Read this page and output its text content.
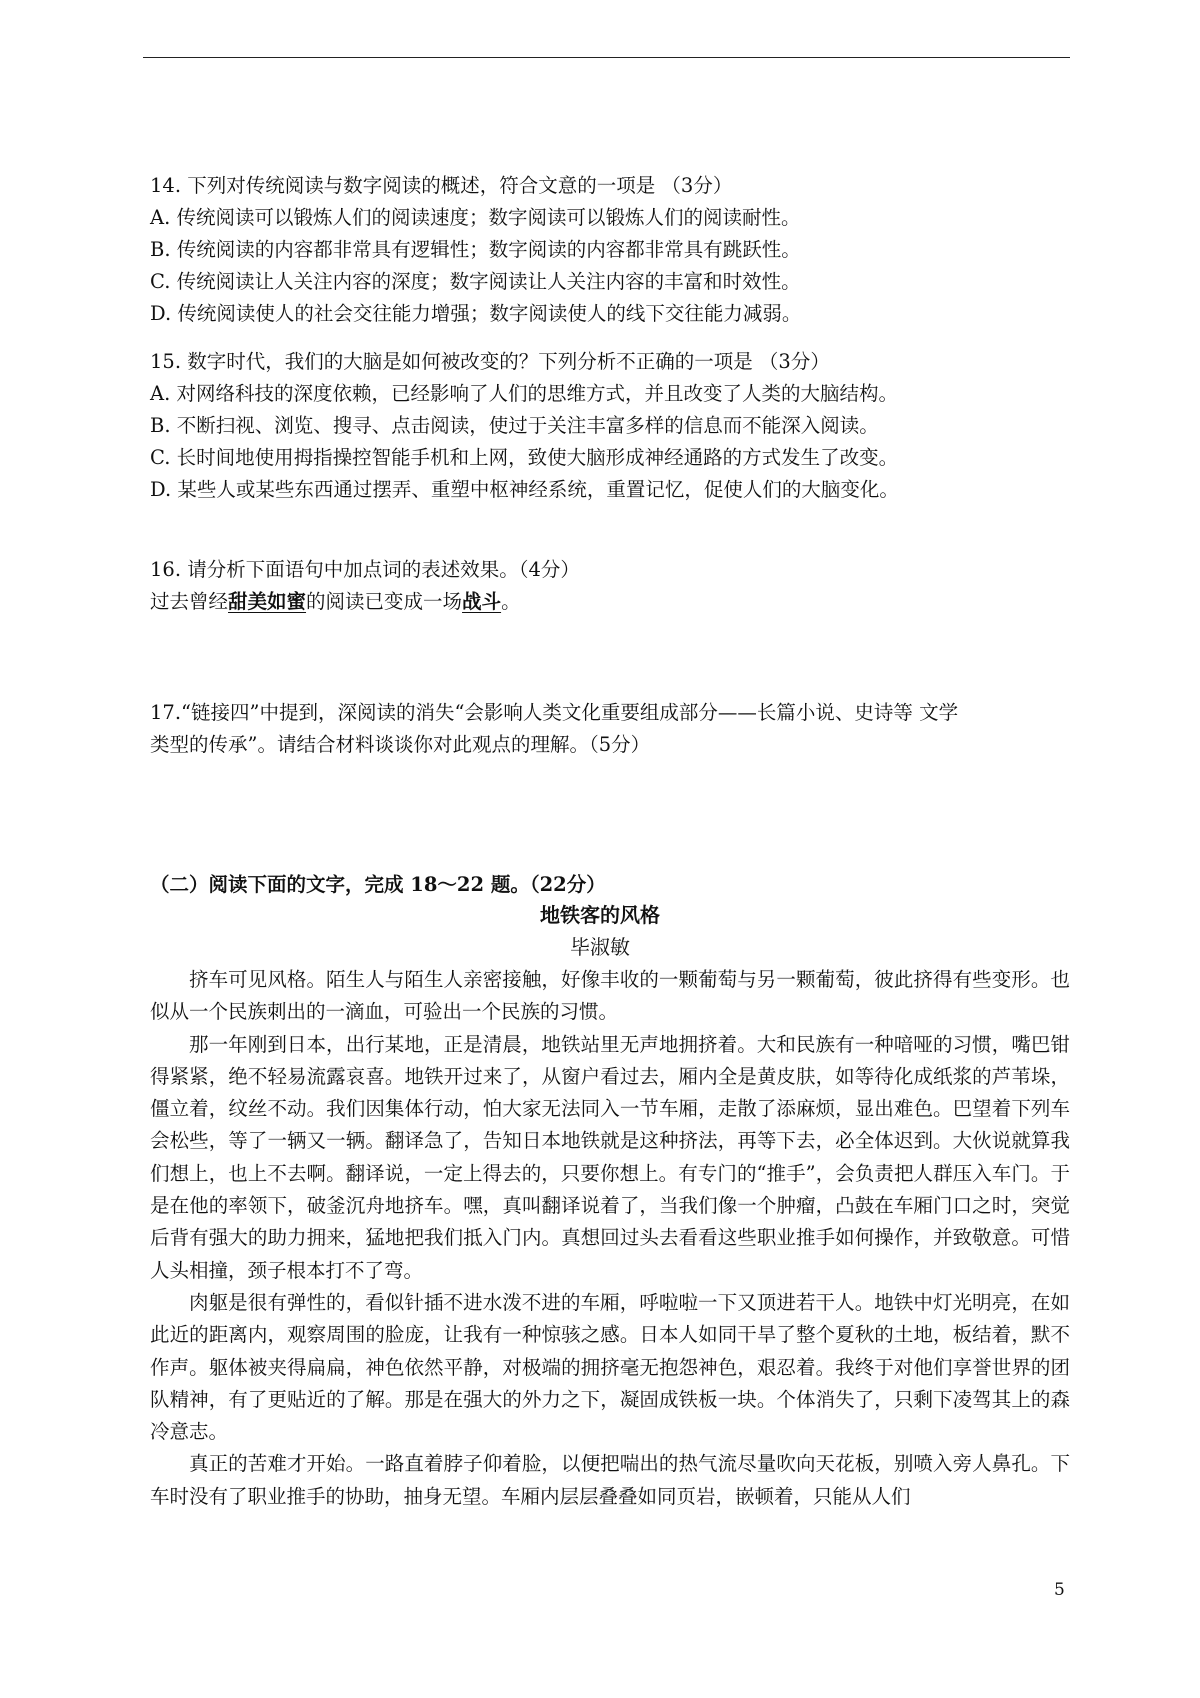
14. 下列对传统阅读与数字阅读的概述，符合文意的一项是 （3分）
A. 传统阅读可以锻炼人们的阅读速度；数字阅读可以锻炼人们的阅读耐性。
B. 传统阅读的内容都非常具有逻辑性；数字阅读的内容都非常具有跳跃性。
C. 传统阅读让人关注内容的深度；数字阅读让人关注内容的丰富和时效性。
D. 传统阅读使人的社会交往能力增强；数字阅读使人的线下交往能力减弱。
15. 数字时代，我们的大脑是如何被改变的？下列分析不正确的一项是 （3分）
A. 对网络科技的深度依赖，已经影响了人们的思维方式，并且改变了人类的大脑结构。
B. 不断扫视、浏览、搜寻、点击阅读，使过于关注丰富多样的信息而不能深入阅读。
C. 长时间地使用拇指操控智能手机和上网，致使大脑形成神经通路的方式发生了改变。
D. 某些人或某些东西通过摆弄、重塑中枢神经系统，重置记忆，促使人们的大脑变化。
16. 请分析下面语句中加点词的表述效果。（4分）
过去曾经甜美如蜜的阅读已变成一场战斗。
17.“链接四”中提到，深阅读的消失“会影响人类文化重要组成部分——长篇小说、史诗等 文学
类型的传承”。请结合材料谈谈你对此观点的理解。（5分）
（二）阅读下面的文字，完成 18～22 题。（22分）
地铁客的风格
毕淑敏
挤车可见风格。陌生人与陌生人亲密接触，好像丰收的一颗葡萄与另一颗葡萄，彼此挤得有些变形。也似从一个民族刺出的一滴血，可验出一个民族的习惯。
那一年刚到日本，出行某地，正是清晨，地铁站里无声地拥挤着。大和民族有一种喑哑的习惯，嘴巴钳得紧紧，绝不轻易流露哀喜。地铁开过来了，从窗户看过去，厢内全是黄皮肤，如等待化成纸浆的芦苇垛，僵立着，纹丝不动。我们因集体行动，怕大家无法同入一节车厢，走散了添麻烦，显出难色。巴望着下列车会松些，等了一辆又一辆。翻译急了，告知日本地铁就是这种挤法，再等下去，必全体迟到。大伙说就算我们想上，也上不去啊。翻译说，一定上得去的，只要你想上。有专门的“推手”，会负责把人群压入车门。于是在他的率领下，破釜沉舟地挤车。嘿，真叫翻译说着了，当我们像一个肿瘤，凸鼓在车厢门口之时，突觉后背有强大的助力拥来，猛地把我们抵入门内。真想回过头去看看这些职业推手如何操作，并致敬意。可惜人头相撞，颈子根本打不了弯。
肉躯是很有弹性的，看似针插不进水泼不进的车厢，呼啦啦一下又顶进若干人。地铁中灯光明亮，在如此近的距离内，观察周围的脸庞，让我有一种惊骇之感。日本人如同干旱了整个夏秋的土地，板结着，默不作声。躯体被夹得扁扁，神色依然平静，对极端的拥挤毫无抱怨神色，艰忍着。我终于对他们享誉世界的团队精神，有了更贴近的了解。那是在强大的外力之下，凝固成铁板一块。个体消失了，只剩下凌驾其上的森冷意志。
真正的苦难才开始。一路直着脖子仰着脸，以便把喘出的热气流尽量吹向天花板，别喷入旁人鼻孔。下车时没有了职业推手的协助，抽身无望。车厢内层层叠叠如同页岩，嵌顿着，只能从人们
5
